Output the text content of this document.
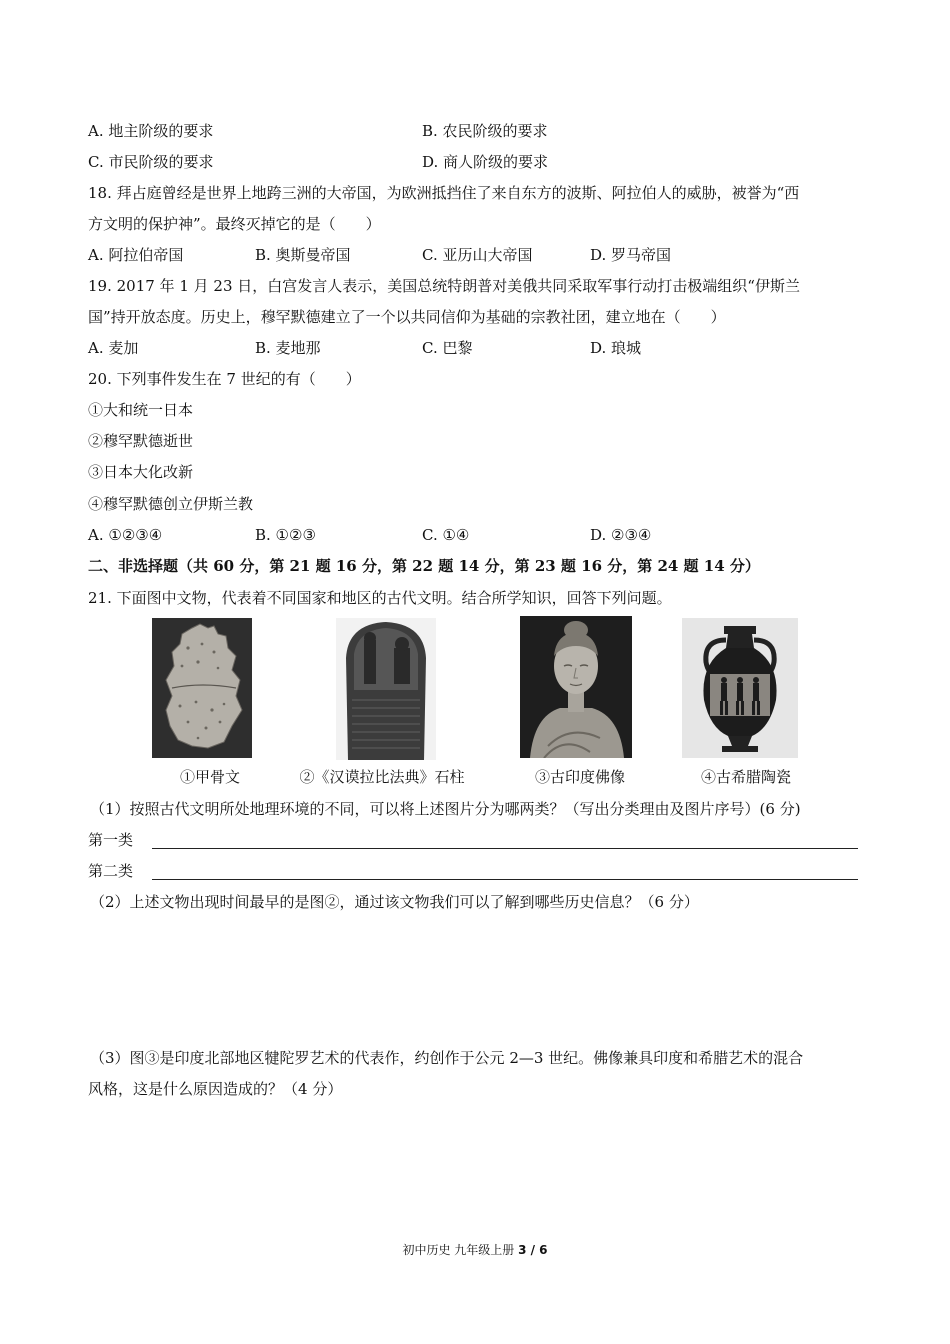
A. 地主阶级的要求	B. 农民阶级的要求
C. 市民阶级的要求	D. 商人阶级的要求
18. 拜占庭曾经是世界上地跨三洲的大帝国，为欧洲抵挡住了来自东方的波斯、阿拉伯人的威胁，被誉为“西
方文明的保护神”。最终灭掉它的是（　　）
A. 阿拉伯帝国	B. 奥斯曼帝国	C. 亚历山大帝国	D. 罗马帝国
19. 2017 年 1 月 23 日，白宫发言人表示，美国总统特朗普对美俄共同采取军事行动打击极端组织“伊斯兰
国”持开放态度。历史上，穆罕默德建立了一个以共同信仰为基础的宗教社团，建立地在（　　）
A. 麦加	B. 麦地那	C. 巴黎	D. 琅城
20. 下列事件发生在 7 世纪的有（　　）
①大和统一日本
②穆罕默德逝世
③日本大化改新
④穆罕默德创立伊斯兰教
A. ①②③④	B. ①②③	C. ①④	D. ②③④
二、非选择题（共 60 分，第 21 题 16 分，第 22 题 14 分，第 23 题 16 分，第 24 题 14 分）
21. 下面图中文物，代表着不同国家和地区的古代文明。结合所学知识，回答下列问题。
①甲骨文	②《汉谟拉比法典》石柱	③古印度佛像	④古希腊陶瓷
（1）按照古代文明所处地理环境的不同，可以将上述图片分为哪两类？（写出分类理由及图片序号）(6 分)
第一类
第二类
（2）上述文物出现时间最早的是图②，通过该文物我们可以了解到哪些历史信息？（6 分）
（3）图③是印度北部地区犍陀罗艺术的代表作，约创作于公元 2—3 世纪。佛像兼具印度和希腊艺术的混合
风格，这是什么原因造成的？（4 分）
初中历史 九年级上册 3 / 6
